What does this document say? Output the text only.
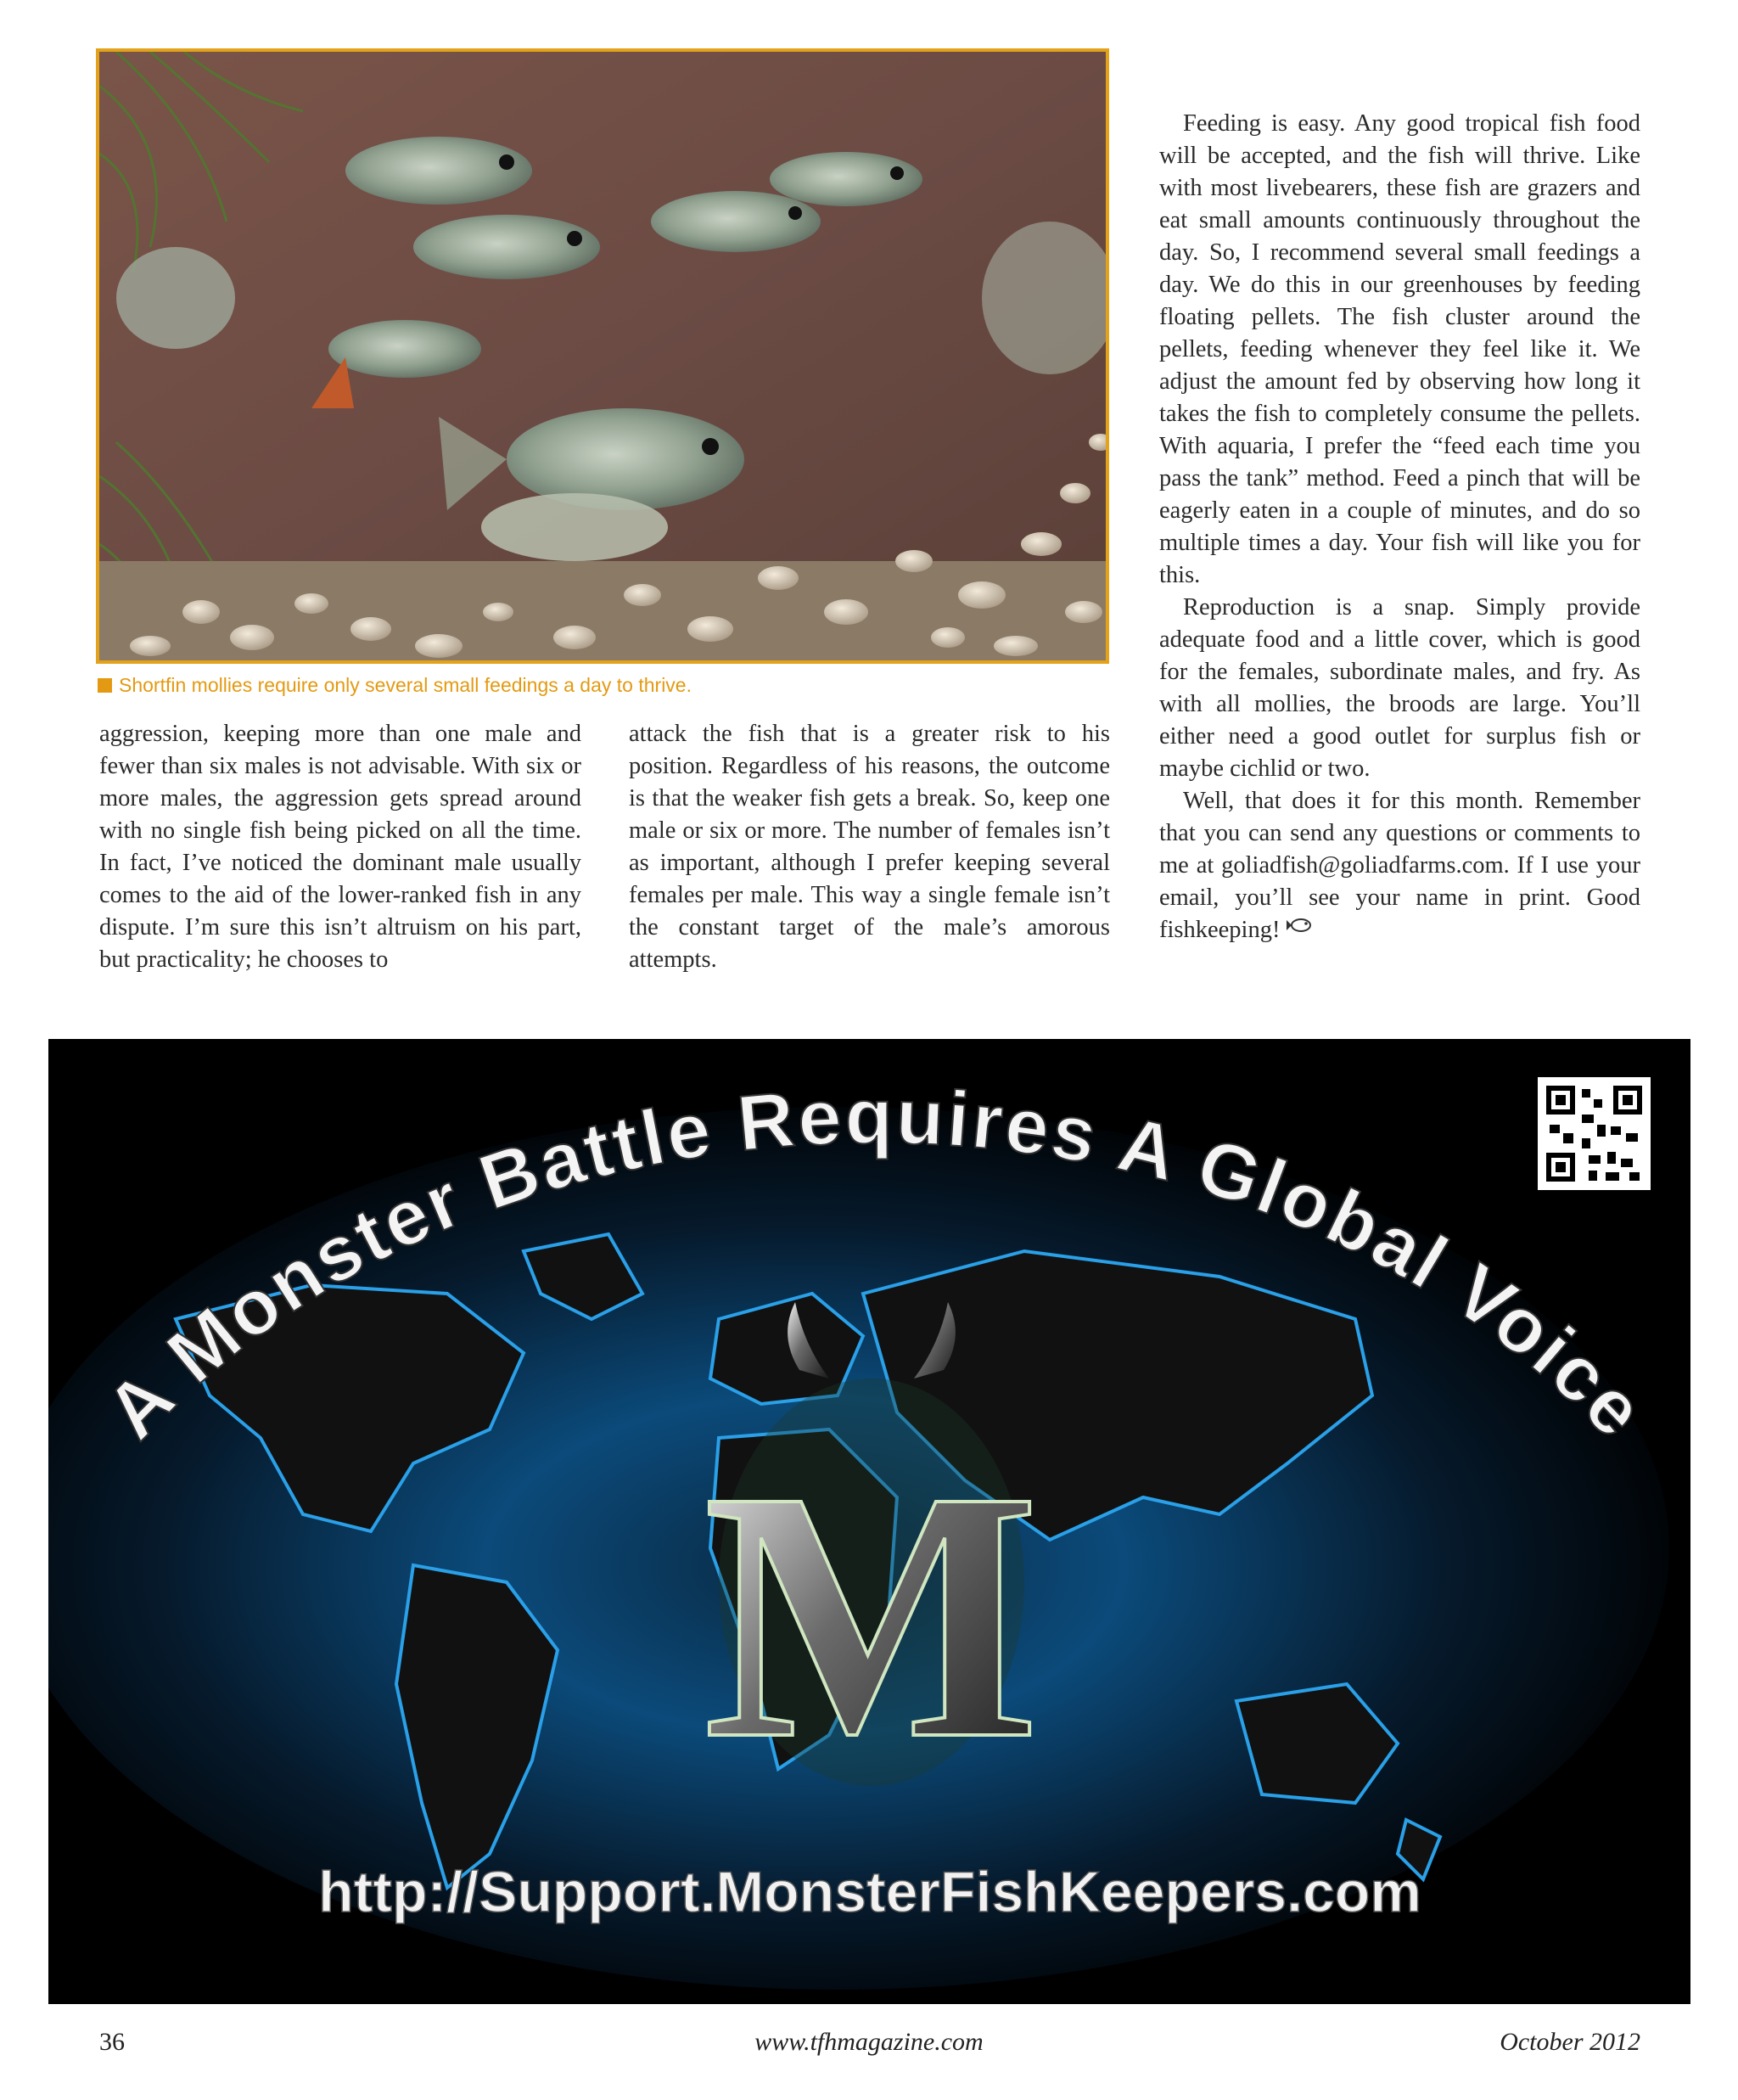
Shortfin mollies require only several small feedings a day to thrive.

aggression, keeping more than one male and fewer than six males is not advisable. With six or more males, the aggression gets spread around with no single fish being picked on all the time. In fact, I’ve noticed the dominant male usually comes to the aid of the lower-ranked fish in any dispute. I’m sure this isn’t altruism on his part, but practicality; he chooses to

attack the fish that is a greater risk to his position. Regardless of his reasons, the outcome is that the weaker fish gets a break. So, keep one male or six or more. The number of females isn’t as important, although I prefer keeping several females per male. This way a single female isn’t the constant target of the male’s amorous attempts.

Feeding is easy. Any good tropical fish food will be accepted, and the fish will thrive. Like with most livebearers, these fish are grazers and eat small amounts continuously throughout the day. So, I recommend several small feedings a day. We do this in our greenhouses by feeding floating pellets. The fish cluster around the pellets, feeding whenever they feel like it. We adjust the amount fed by observing how long it takes the fish to completely consume the pellets. With aquaria, I prefer the “feed each time you pass the tank” method. Feed a pinch that will be eagerly eaten in a couple of minutes, and do so multiple times a day. Your fish will like you for this.

Reproduction is a snap. Simply provide adequate food and a little cover, which is good for the females, subordinate males, and fry. As with all mollies, the broods are large. You’ll either need a good outlet for surplus fish or maybe cichlid or two.

Well, that does it for this month. Remember that you can send any questions or comments to me at goliadfish@goliadfarms.com. If I use your email, you’ll see your name in print. Good fishkeeping!

A Monster Battle Requires A Global Voice
M
http://Support.MonsterFishKeepers.com
36	www.tfhmagazine.com	October 2012
